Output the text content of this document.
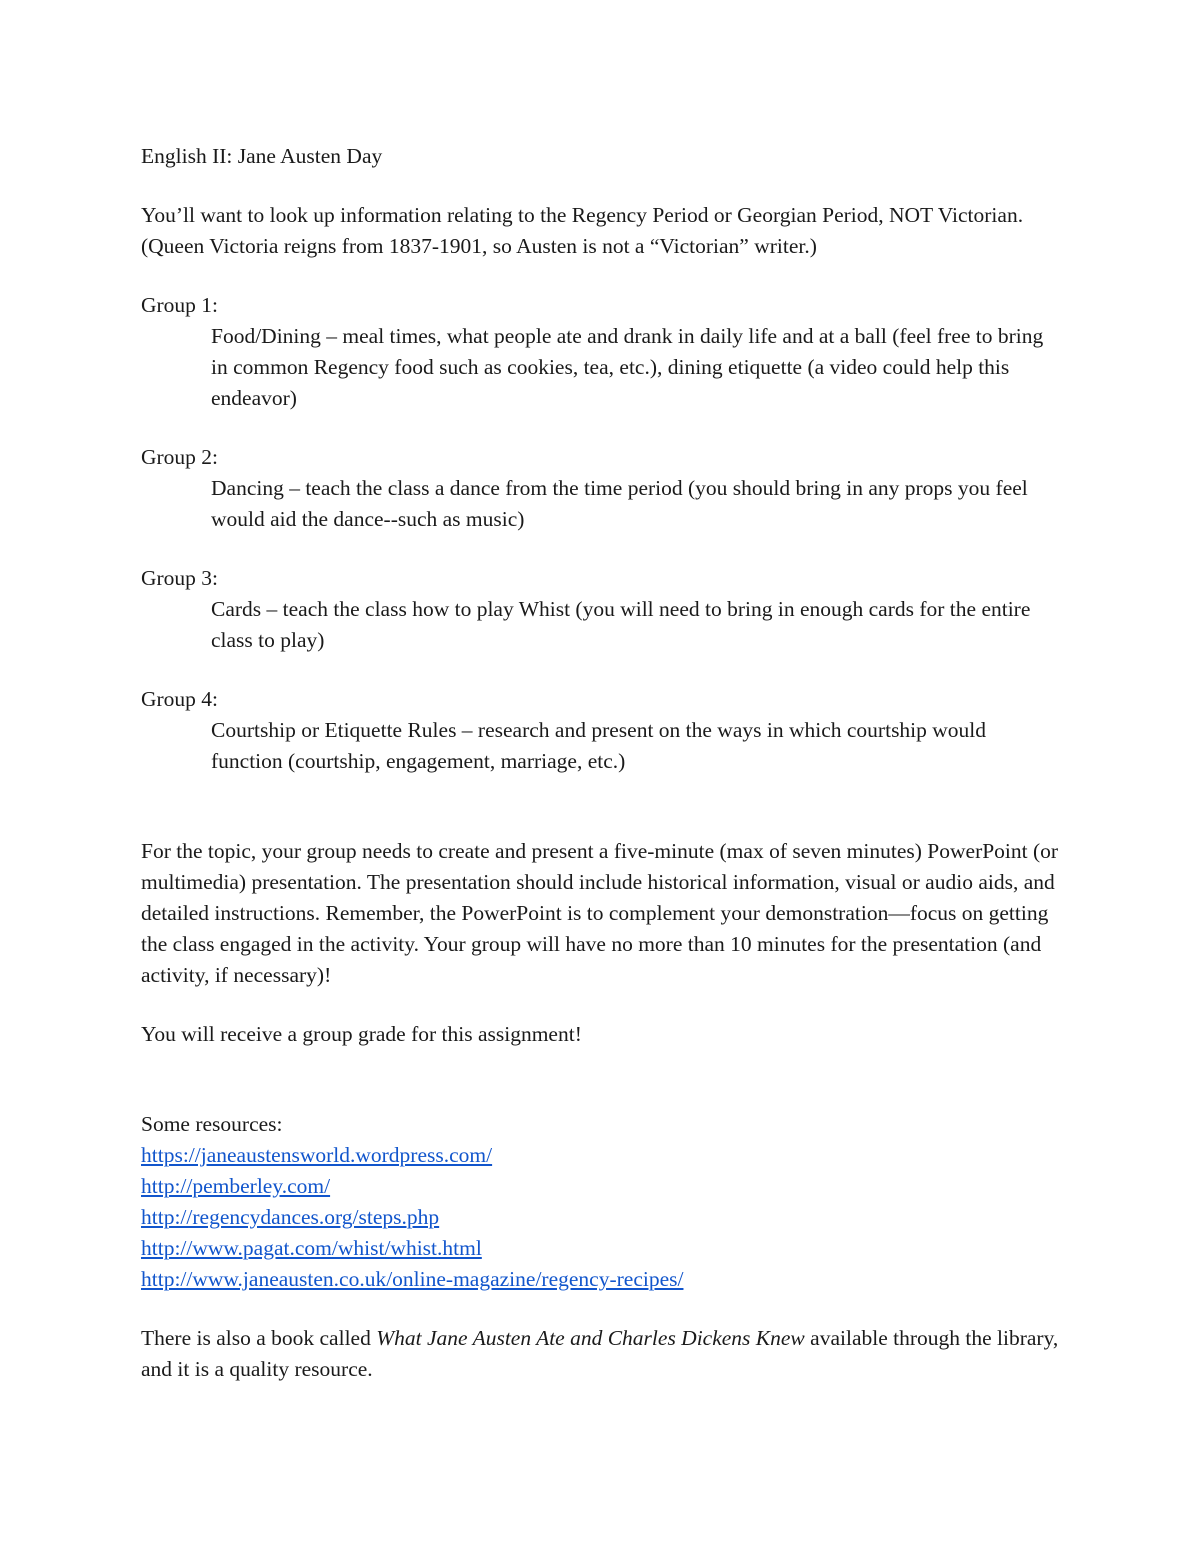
English II: Jane Austen Day

You’ll want to look up information relating to the Regency Period or Georgian Period, NOT Victorian. (Queen Victoria reigns from 1837-1901, so Austen is not a “Victorian” writer.)

Group 1:

Food/Dining – meal times, what people ate and drank in daily life and at a ball (feel free to bring in common Regency food such as cookies, tea, etc.), dining etiquette (a video could help this endeavor)

Group 2:

Dancing – teach the class a dance from the time period (you should bring in any props you feel would aid the dance--such as music)

Group 3:

Cards – teach the class how to play Whist (you will need to bring in enough cards for the entire class to play)

Group 4:

Courtship or Etiquette Rules – research and present on the ways in which courtship would function (courtship, engagement, marriage, etc.)

For the topic, your group needs to create and present a five-minute (max of seven minutes) PowerPoint (or multimedia) presentation. The presentation should include historical information, visual or audio aids, and detailed instructions. Remember, the PowerPoint is to complement your demonstration—focus on getting the class engaged in the activity. Your group will have no more than 10 minutes for the presentation (and activity, if necessary)!

You will receive a group grade for this assignment!

Some resources:

https://janeaustensworld.wordpress.com/
http://pemberley.com/
http://regencydances.org/steps.php
http://www.pagat.com/whist/whist.html
http://www.janeausten.co.uk/online-magazine/regency-recipes/

There is also a book called What Jane Austen Ate and Charles Dickens Knew available through the library, and it is a quality resource.
